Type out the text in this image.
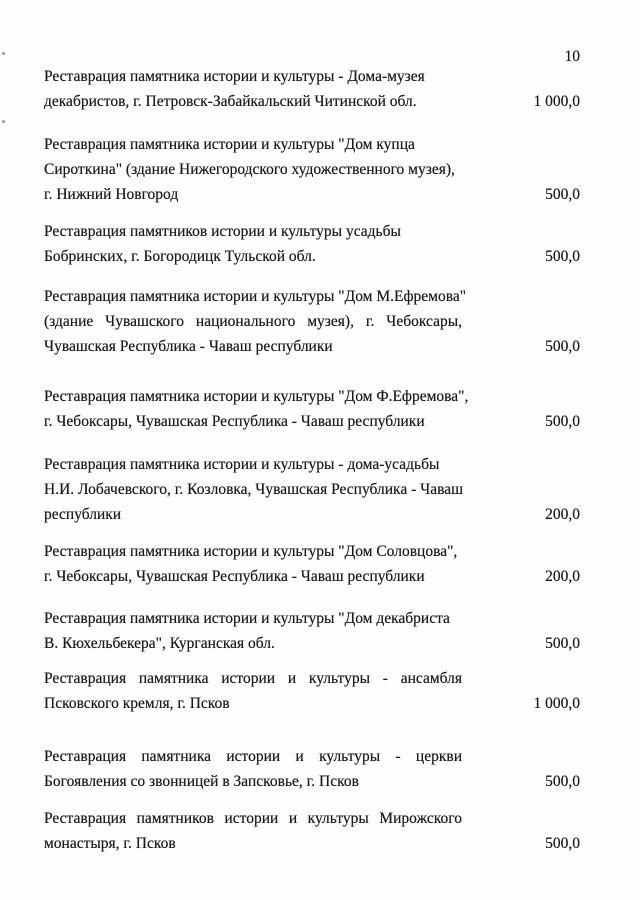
10
Реставрация памятника истории и культуры - Дома-музея
декабристов, г. Петровск-Забайкальский Читинской обл.	1 000,0
Реставрация памятника истории и культуры "Дом купца
Сироткина" (здание Нижегородского художественного музея),
г. Нижний Новгород	500,0
Реставрация памятников истории и культуры усадьбы
Бобринских, г. Богородицк Тульской обл.	500,0
Реставрация памятника истории и культуры "Дом М.Ефремова"
(здание Чувашского национального музея), г. Чебоксары,
Чувашская Республика - Чаваш республики	500,0
Реставрация памятника истории и культуры "Дом Ф.Ефремова",
г. Чебоксары, Чувашская Республика - Чаваш республики	500,0
Реставрация памятника истории и культуры - дома-усадьбы
Н.И. Лобачевского, г. Козловка, Чувашская Республика - Чаваш
республики	200,0
Реставрация памятника истории и культуры "Дом Соловцова",
г. Чебоксары, Чувашская Республика - Чаваш республики	200,0
Реставрация памятника истории и культуры "Дом декабриста
В. Кюхельбекера", Курганская обл.	500,0
Реставрация памятника истории и культуры - ансамбля
Псковского кремля, г. Псков	1 000,0
Реставрация памятника истории и культуры - церкви
Богоявления со звонницей в Запсковье, г. Псков	500,0
Реставрация памятников истории и культуры Мирожского
монастыря, г. Псков	500,0
